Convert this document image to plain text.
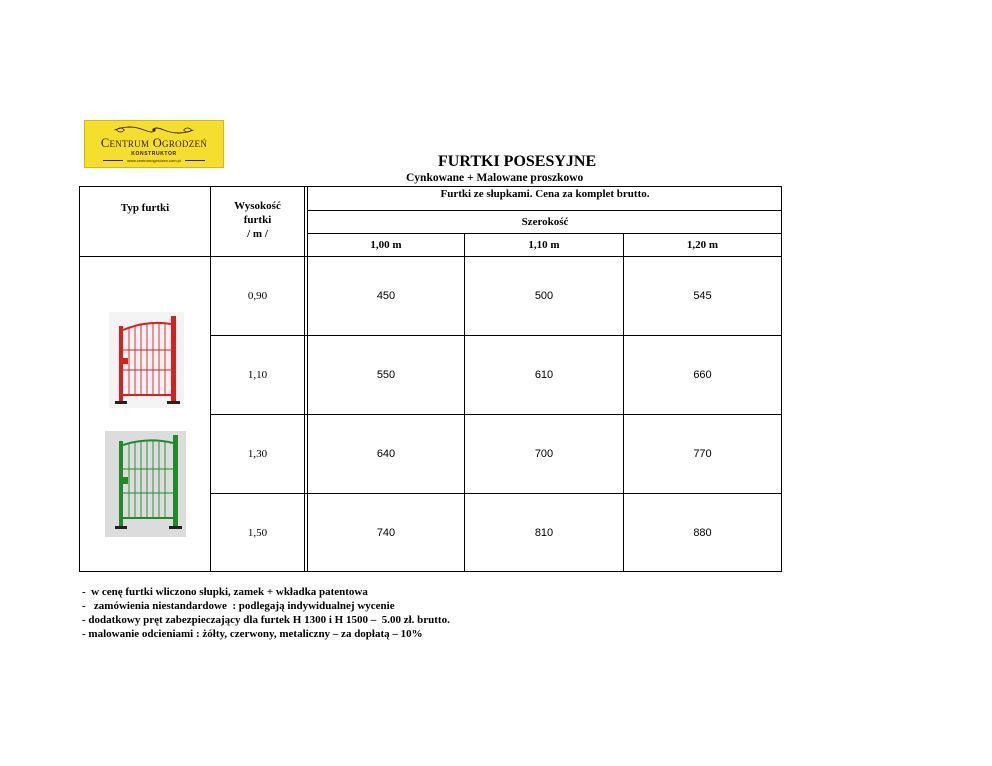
Centrum Ogrodzeń
KONSTRUKTOR
www.centrumogrodzen.com.pl	FURTKI POSESYJNE
Cynkowane + Malowane proszkowo
Typ furtki	Wysokość
furtki
/ m /
Furtki ze słupkami. Cena za komplet brutto.
Szerokość
1,00 m	1,10 m	1,20 m
0,90	450	500	545
1,10	550	610	660
1,30	640	700	770
1,50	740	810	880
-  w cenę furtki wliczono słupki, zamek + wkładka patentowa
-   zamówienia niestandardowe  : podlegają indywidualnej wycenie
- dodatkowy pręt zabezpieczający dla furtek H 1300 i H 1500 –  5.00 zł. brutto.
- malowanie odcieniami : żółty, czerwony, metaliczny – za dopłatą – 10%
